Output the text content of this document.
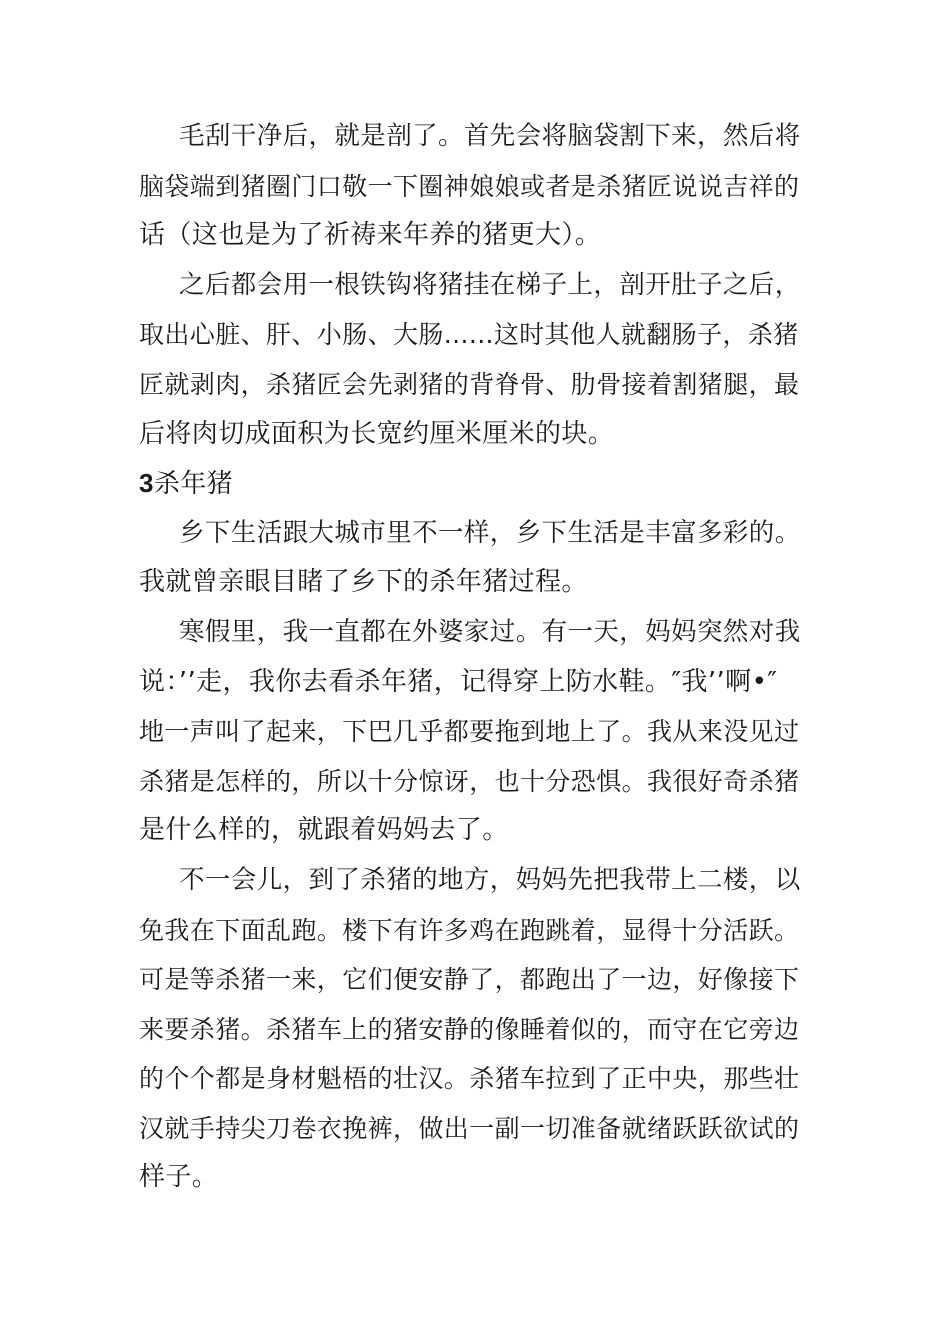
毛刮干净后，就是剖了。首先会将脑袋割下来，然后将
脑袋端到猪圈门口敬一下圈神娘娘或者是杀猪匠说说吉祥的
话（这也是为了祈祷来年养的猪更大）。
之后都会用一根铁钩将猪挂在梯子上，剖开肚子之后，
取出心脏、肝、小肠、大肠......这时其他人就翻肠子，杀猪
匠就剥肉，杀猪匠会先剥猪的背脊骨、肋骨接着割猪腿，最
后将肉切成面积为长宽约厘米厘米的块。
3杀年猪
乡下生活跟大城市里不一样，乡下生活是丰富多彩的。
我就曾亲眼目睹了乡下的杀年猪过程。
寒假里，我一直都在外婆家过。有一天，妈妈突然对我
说：’’走，我你去看杀年猪，记得穿上防水鞋。″我’’啊•″
地一声叫了起来，下巴几乎都要拖到地上了。我从来没见过
杀猪是怎样的，所以十分惊讶，也十分恐惧。我很好奇杀猪
是什么样的，就跟着妈妈去了。
不一会儿，到了杀猪的地方，妈妈先把我带上二楼，以
免我在下面乱跑。楼下有许多鸡在跑跳着，显得十分活跃。
可是等杀猪一来，它们便安静了，都跑出了一边，好像接下
来要杀猪。杀猪车上的猪安静的像睡着似的，而守在它旁边
的个个都是身材魁梧的壮汉。杀猪车拉到了正中央，那些壮
汉就手持尖刀卷衣挽裤，做出一副一切准备就绪跃跃欲试的
样子。
